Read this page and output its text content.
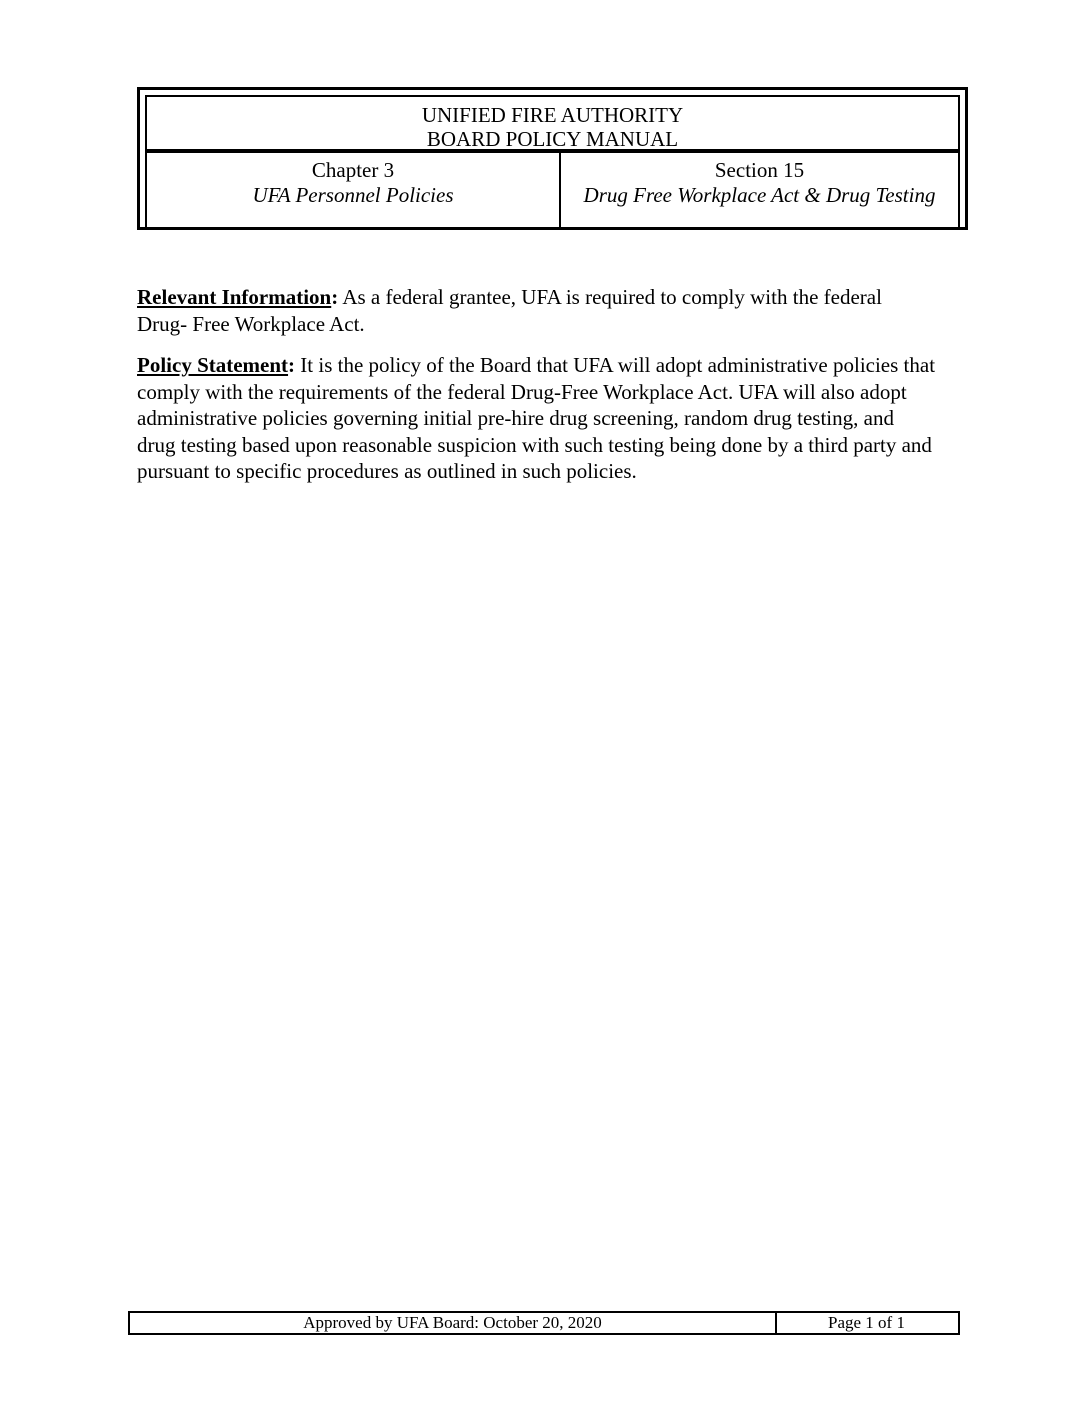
UNIFIED FIRE AUTHORITY
BOARD POLICY MANUAL
Chapter 3
UFA Personnel Policies
Section 15
Drug Free Workplace Act & Drug Testing
Relevant Information: As a federal grantee, UFA is required to comply with the federal Drug- Free Workplace Act.
Policy Statement: It is the policy of the Board that UFA will adopt administrative policies that comply with the requirements of the federal Drug-Free Workplace Act. UFA will also adopt administrative policies governing initial pre-hire drug screening, random drug testing, and drug testing based upon reasonable suspicion with such testing being done by a third party and pursuant to specific procedures as outlined in such policies.
Approved by UFA Board: October 20, 2020	Page 1 of 1
